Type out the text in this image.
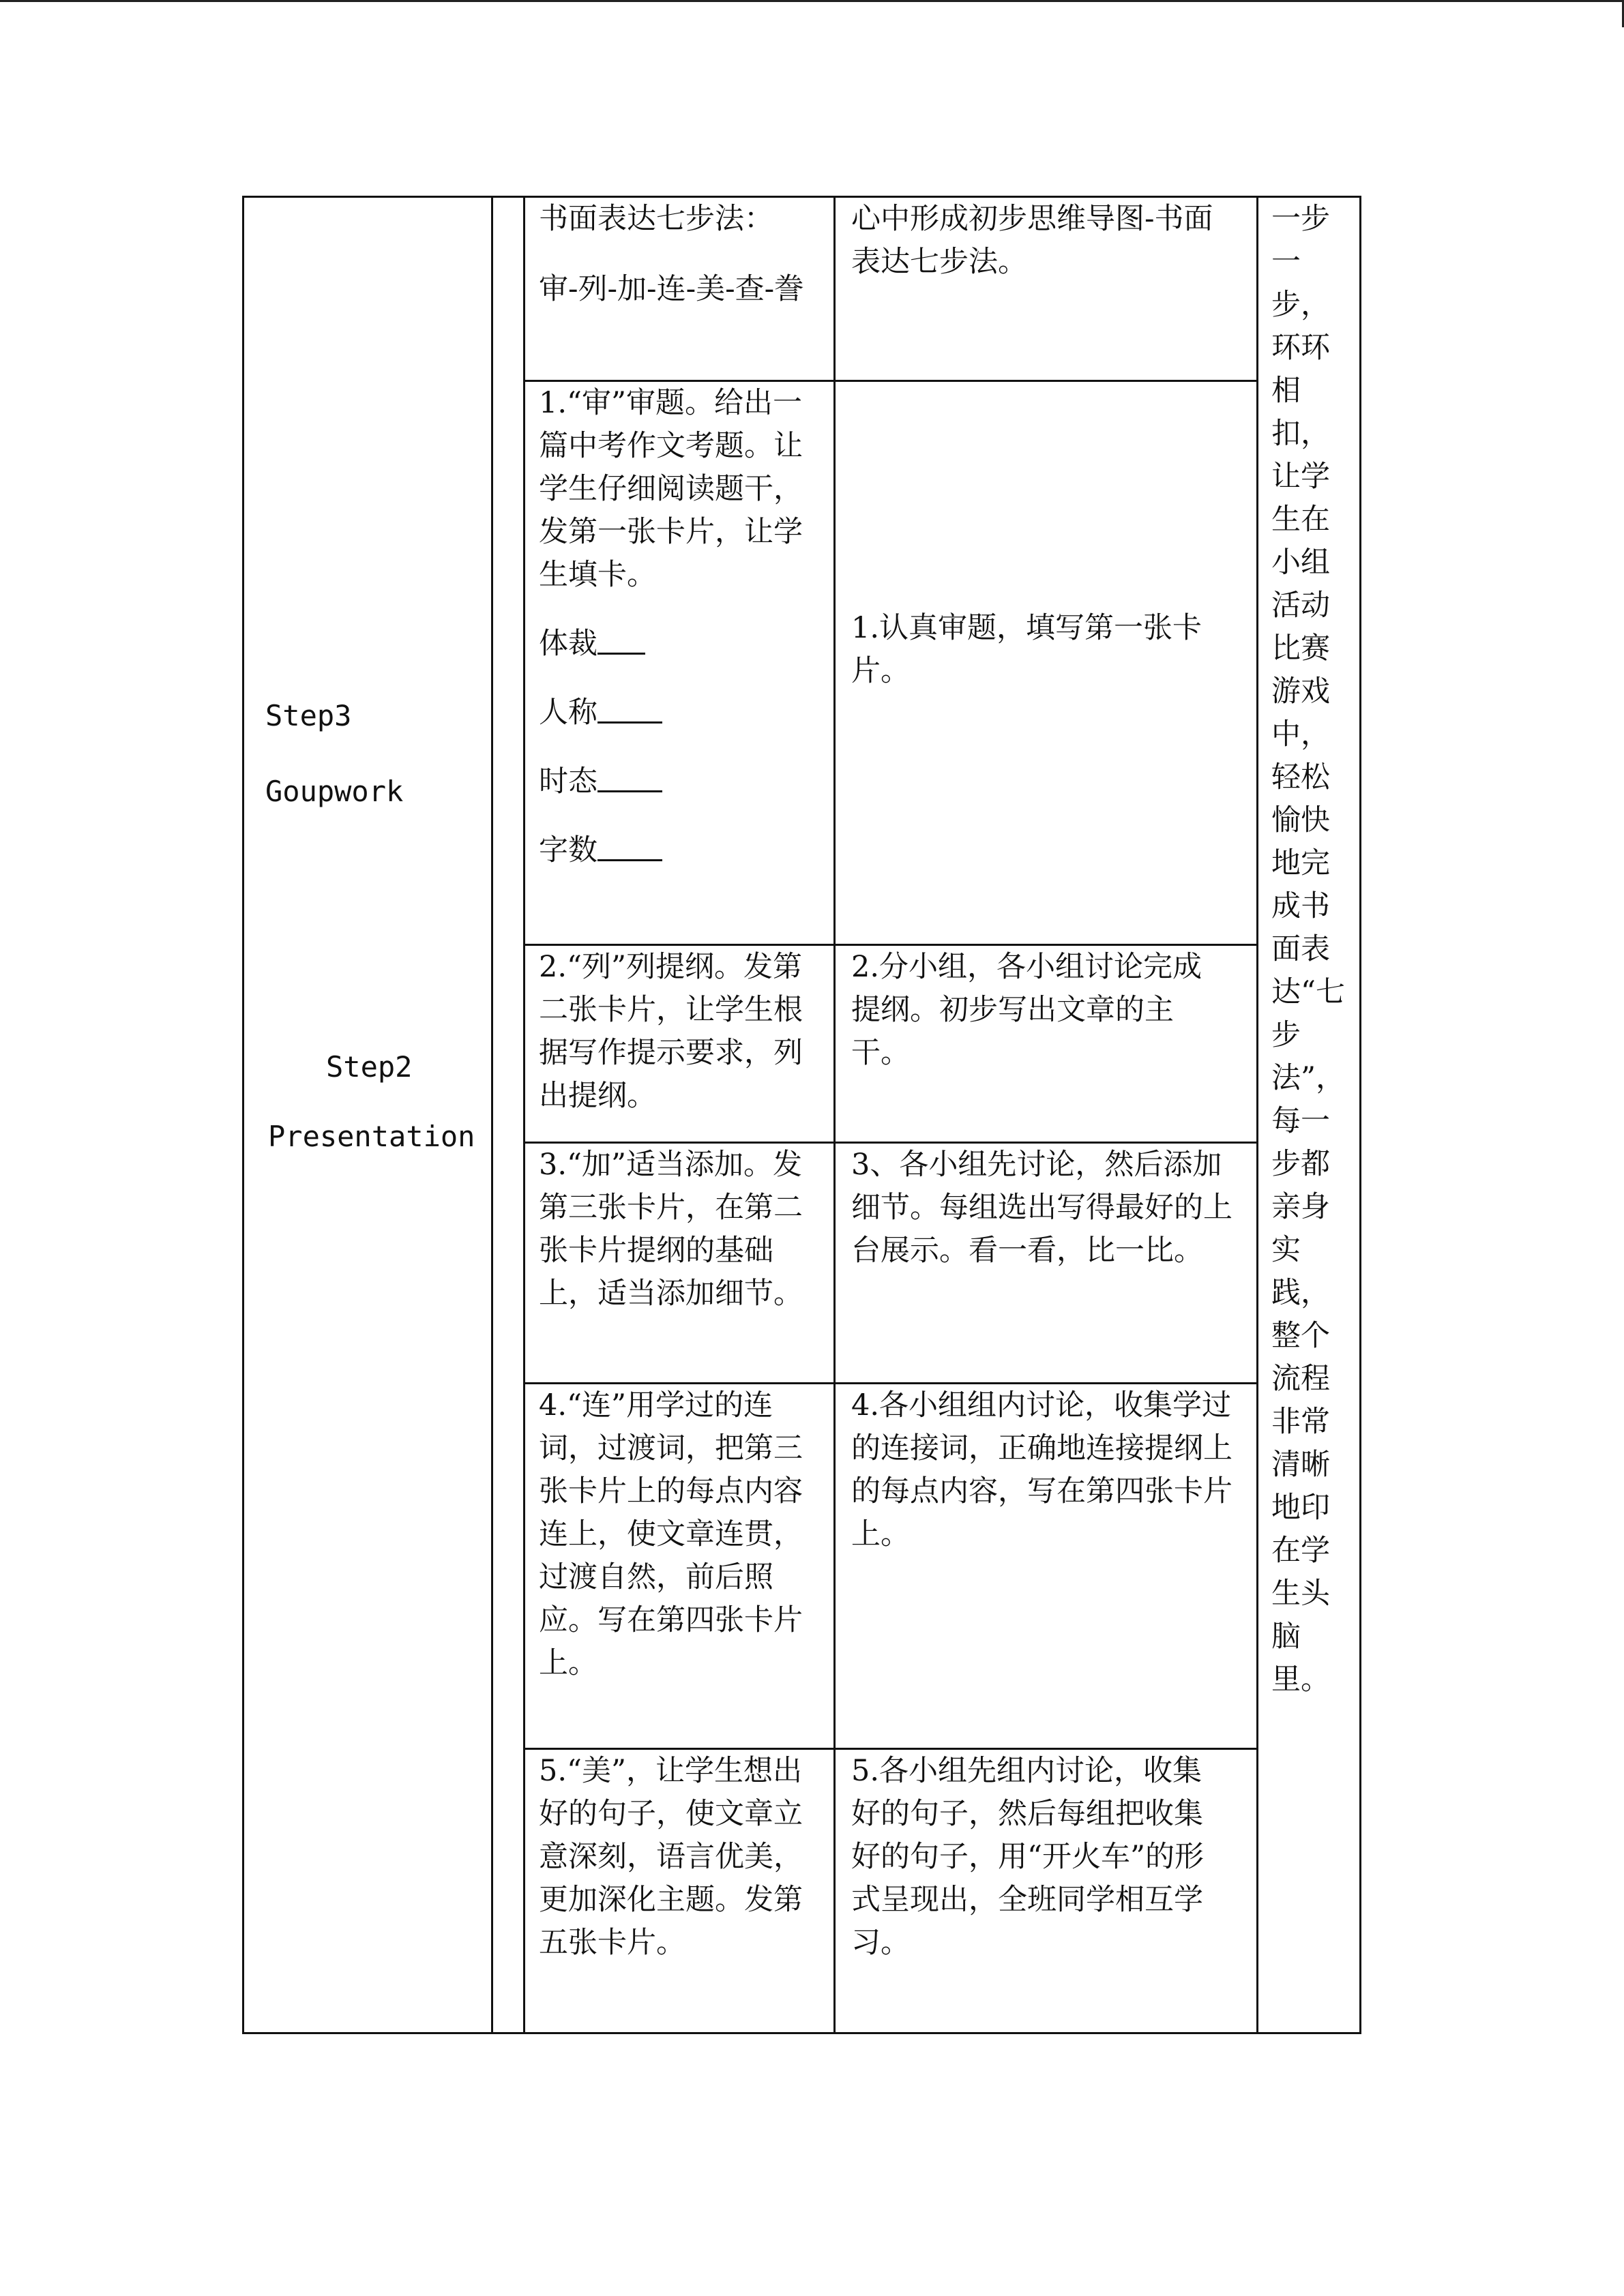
Step3
Goupwork
Step2
Presentation

书面表达七步法：

审-列-加-连-美-查-誊

心中形成初步思维导图-书面表达七步法。

1.“审”审题。给出一篇中考作文考题。让学生仔细阅读题干，发第一张卡片，让学生填卡。

体裁

人称

时态

字数

1.认真审题，填写第一张卡片。
2.“列”列提纲。发第二张卡片，让学生根据写作提示要求，列出提纲。
2.分小组，各小组讨论完成提纲。初步写出文章的主干。
3.“加”适当添加。发第三张卡片，在第二张卡片提纲的基础上，适当添加细节。
3、各小组先讨论，然后添加细节。每组选出写得最好的上台展示。看一看，比一比。
4.“连”用学过的连词，过渡词，把第三张卡片上的每点内容连上，使文章连贯，过渡自然，前后照应。写在第四张卡片上。
4.各小组组内讨论，收集学过的连接词，正确地连接提纲上的每点内容，写在第四张卡片上。
5.“美”，让学生想出好的句子，使文章立意深刻，语言优美，更加深化主题。发第五张卡片。
5.各小组先组内讨论，收集好的句子，然后每组把收集好的句子，用“开火车”的形式呈现出，全班同学相互学习。
一步一步，环环相扣，让学生在小组活动比赛游戏中，轻松愉快地完成书面表达“七步法”，每一步都亲身实践，整个流程非常清晰地印在学生头脑里。
